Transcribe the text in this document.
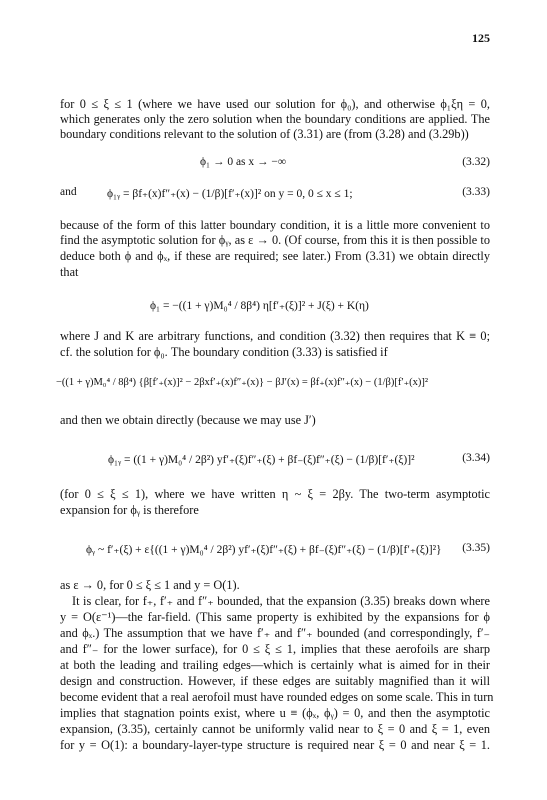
125
for 0 ≤ ξ ≤ 1 (where we have used our solution for ϕ₀), and otherwise ϕ₁ξη = 0,
which generates only the zero solution when the boundary conditions are applied. The
boundary conditions relevant to the solution of (3.31) are (from (3.28) and (3.29b))
ϕ₁ → 0 as x → −∞	(3.32)
and	ϕ₁ᵧ = βf₊(x)f″₊(x) − (1/β)[f′₊(x)]² on y = 0, 0 ≤ x ≤ 1;	(3.33)
because of the form of this latter boundary condition, it is a little more convenient to
find the asymptotic solution for ϕᵧ, as ε → 0. (Of course, from this it is then possible to
deduce both ϕ and ϕₓ, if these are required; see later.) From (3.31) we obtain directly
that
ϕ₁ = −((1 + γ)M₀⁴ / 8β⁴) η[f′₊(ξ)]² + J(ξ) + K(η)
where J and K are arbitrary functions, and condition (3.32) then requires that K ≡ 0;
cf. the solution for ϕ₀. The boundary condition (3.33) is satisfied if
−((1 + γ)M₀⁴ / 8β⁴) {β[f′₊(x)]² − 2βxf′₊(x)f″₊(x)} − βJ′(x) = βf₊(x)f″₊(x) − (1/β)[f′₊(x)]²
and then we obtain directly (because we may use J′)
ϕ₁ᵧ = ((1 + γ)M₀⁴ / 2β²) yf′₊(ξ)f″₊(ξ) + βf₋(ξ)f″₊(ξ) − (1/β)[f′₊(ξ)]²	(3.34)
(for 0 ≤ ξ ≤ 1), where we have written η ~ ξ = 2βy. The two-term asymptotic
expansion for ϕᵧ is therefore
ϕᵧ ~ f′₊(ξ) + ε{((1 + γ)M₀⁴ / 2β²) yf′₊(ξ)f″₊(ξ) + βf₋(ξ)f″₊(ξ) − (1/β)[f′₊(ξ)]²}	(3.35)
as ε → 0, for 0 ≤ ξ ≤ 1 and y = O(1).
It is clear, for f₊, f′₊ and f″₊ bounded, that the expansion (3.35) breaks down where
y = O(ε⁻¹)—the far-field. (This same property is exhibited by the expansions for ϕ
and ϕₓ.) The assumption that we have f′₊ and f″₊ bounded (and correspondingly, f′₋
and f″₋ for the lower surface), for 0 ≤ ξ ≤ 1, implies that these aerofoils are sharp
at both the leading and trailing edges—which is certainly what is aimed for in their
design and construction. However, if these edges are suitably magnified than it will
become evident that a real aerofoil must have rounded edges on some scale. This in turn
implies that stagnation points exist, where u ≡ (ϕₓ, ϕᵧ) = 0, and then the asymptotic
expansion, (3.35), certainly cannot be uniformly valid near to ξ = 0 and ξ = 1, even
for y = O(1): a boundary-layer-type structure is required near ξ = 0 and near ξ = 1.
